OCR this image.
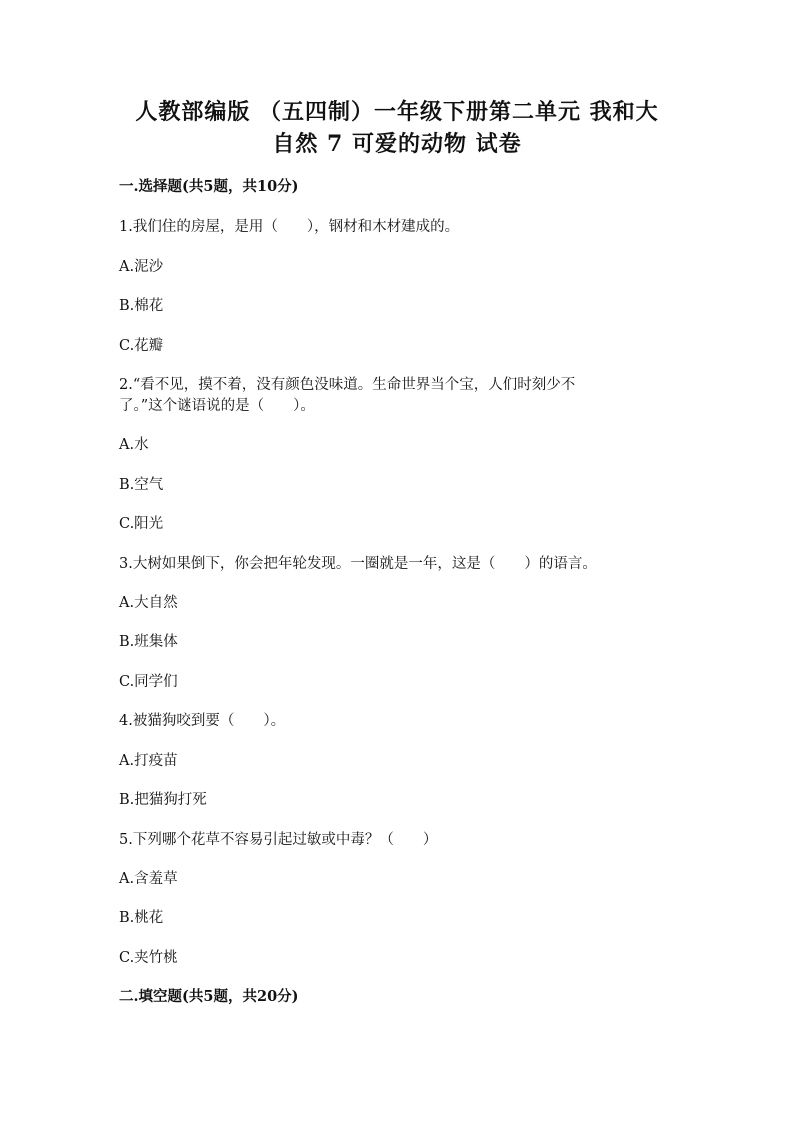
人教部编版 （五四制）一年级下册第二单元 我和大
自然 7 可爱的动物 试卷
一.选择题(共5题，共10分)
1.我们住的房屋，是用（　　），钢材和木材建成的。
A.泥沙
B.棉花
C.花瓣
2.“看不见，摸不着，没有颜色没味道。生命世界当个宝，人们时刻少不
了。”这个谜语说的是（　　）。
A.水
B.空气
C.阳光
3.大树如果倒下，你会把年轮发现。一圈就是一年，这是（　　）的语言。
A.大自然
B.班集体
C.同学们
4.被猫狗咬到要（　　）。
A.打疫苗
B.把猫狗打死
5.下列哪个花草不容易引起过敏或中毒？（　　）
A.含羞草
B.桃花
C.夹竹桃
二.填空题(共5题，共20分)
